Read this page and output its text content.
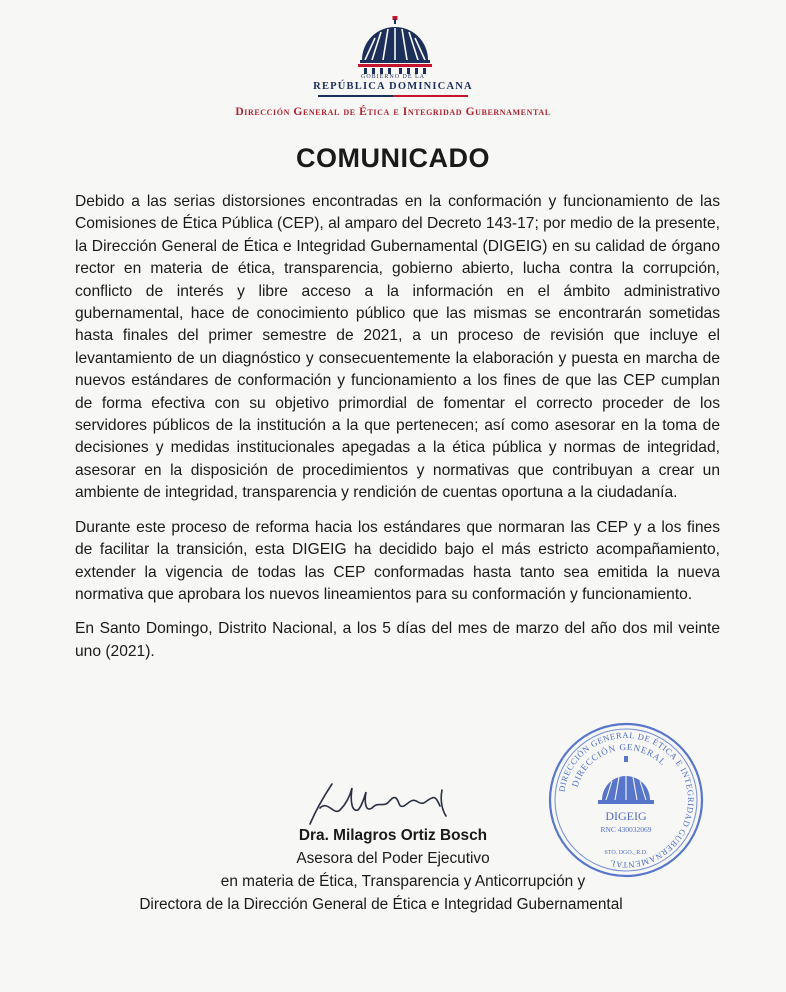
GOBIERNO DE LA
REPÚBLICA DOMINICANA
Dirección General de Ética e Integridad Gubernamental
COMUNICADO

Debido a las serias distorsiones encontradas en la conformación y funcionamiento de las Comisiones de Ética Pública (CEP), al amparo del Decreto 143-17; por medio de la presente, la Dirección General de Ética e Integridad Gubernamental (DIGEIG) en su calidad de órgano rector en materia de ética, transparencia, gobierno abierto, lucha contra la corrupción, conflicto de interés y libre acceso a la información en el ámbito administrativo gubernamental, hace de conocimiento público que las mismas se encontrarán sometidas hasta finales del primer semestre de 2021, a un proceso de revisión que incluye el levantamiento de un diagnóstico y consecuentemente la elaboración y puesta en marcha de nuevos estándares de conformación y funcionamiento a los fines de que las CEP cumplan de forma efectiva con su objetivo primordial de fomentar el correcto proceder de los servidores públicos de la institución a la que pertenecen; así como asesorar en la toma de decisiones y medidas institucionales apegadas a la ética pública y normas de integridad, asesorar en la disposición de procedimientos y normativas que contribuyan a crear un ambiente de integridad, transparencia y rendición de cuentas oportuna a la ciudadanía.

Durante este proceso de reforma hacia los estándares que normaran las CEP y a los fines de facilitar la transición, esta DIGEIG ha decidido bajo el más estricto acompañamiento, extender la vigencia de todas las CEP conformadas hasta tanto sea emitida la nueva normativa que aprobara los nuevos lineamientos para su conformación y funcionamiento.

En Santo Domingo, Distrito Nacional, a los 5 días del mes de marzo del año dos mil veinte uno (2021).

Dra. Milagros Ortiz Bosch
Asesora del Poder Ejecutivo
en materia de Ética, Transparencia y Anticorrupción y
Directora de la Dirección General de Ética e Integridad Gubernamental
DIRECCIÓN GENERAL DE ÉTICA E INTEGRIDAD GUBERNAMENTAL
DIRECCIÓN GENERAL
DIGEIG
RNC 430032069
STO. DGO., R.D.
